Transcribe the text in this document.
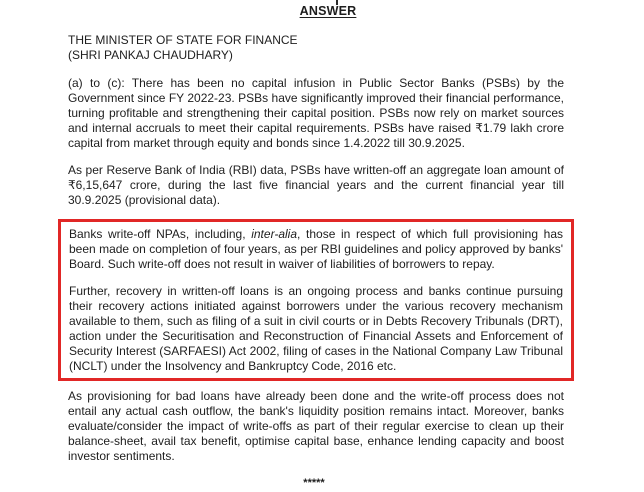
ANSWER
THE MINISTER OF STATE FOR FINANCE
(SHRI PANKAJ CHAUDHARY)

(a) to (c): There has been no capital infusion in Public Sector Banks (PSBs) by the Government since FY 2022-23. PSBs have significantly improved their financial performance, turning profitable and strengthening their capital position. PSBs now rely on market sources and internal accruals to meet their capital requirements. PSBs have raised ₹1.79 lakh crore capital from market through equity and bonds since 1.4.2022 till 30.9.2025.

As per Reserve Bank of India (RBI) data, PSBs have written-off an aggregate loan amount of ₹6,15,647 crore, during the last five financial years and the current financial year till 30.9.2025 (provisional data).

Banks write-off NPAs, including, inter-alia, those in respect of which full provisioning has been made on completion of four years, as per RBI guidelines and policy approved by banks' Board. Such write-off does not result in waiver of liabilities of borrowers to repay.

Further, recovery in written-off loans is an ongoing process and banks continue pursuing their recovery actions initiated against borrowers under the various recovery mechanism available to them, such as filing of a suit in civil courts or in Debts Recovery Tribunals (DRT), action under the Securitisation and Reconstruction of Financial Assets and Enforcement of Security Interest (SARFAESI) Act 2002, filing of cases in the National Company Law Tribunal (NCLT) under the Insolvency and Bankruptcy Code, 2016 etc.

As provisioning for bad loans have already been done and the write-off process does not entail any actual cash outflow, the bank's liquidity position remains intact. Moreover, banks evaluate/consider the impact of write-offs as part of their regular exercise to clean up their balance-sheet, avail tax benefit, optimise capital base, enhance lending capacity and boost investor sentiments.

*****
